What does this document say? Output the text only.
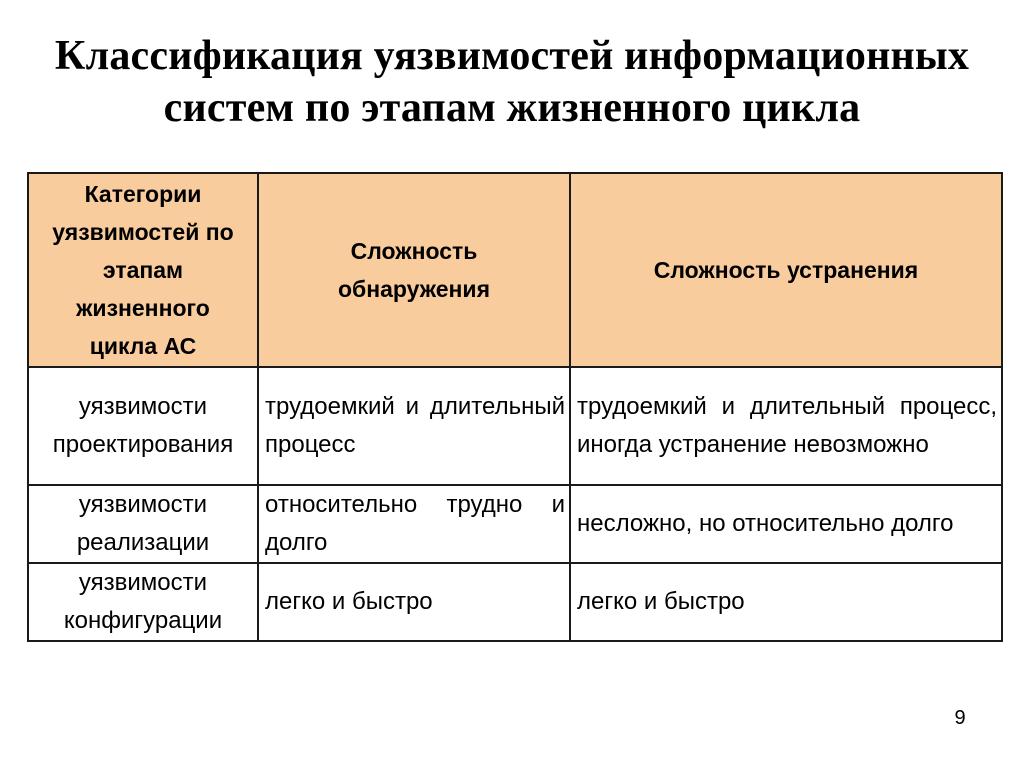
Классификация уязвимостей информационных
систем по этапам жизненного цикла
Категории уязвимостей по этапам жизненного цикла АС	Сложность обнаружения	Сложность устранения
уязвимости проектирования	трудоемкий и длительный процесс	трудоемкий и длительный процесс, иногда устранение невозможно
уязвимости реализации	относительно трудно и долго	несложно, но относительно долго
уязвимости конфигурации	легко и быстро	легко и быстро
9
